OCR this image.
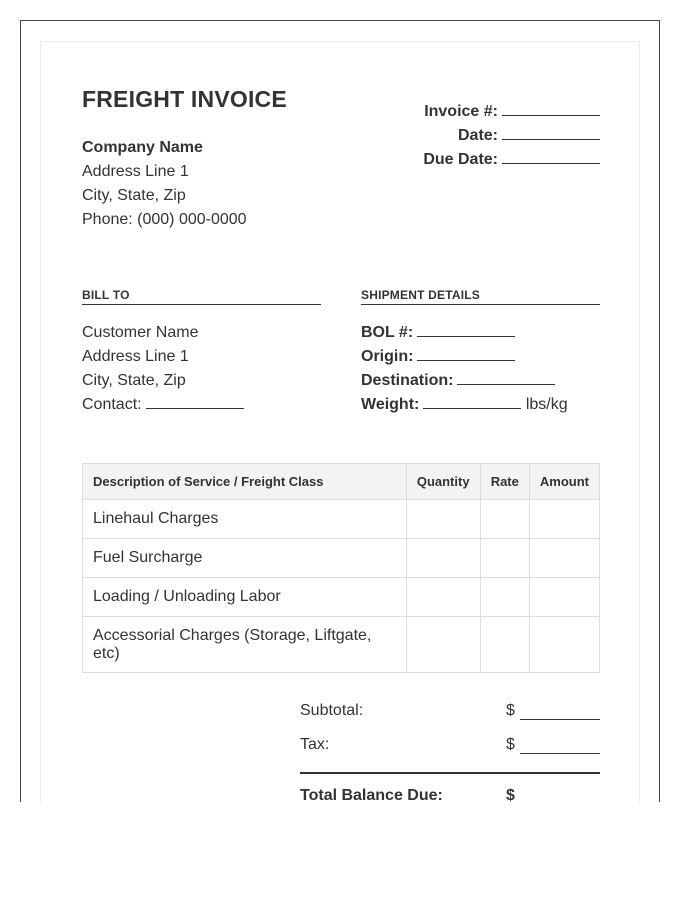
FREIGHT INVOICE
Company Name
Address Line 1
City, State, Zip
Phone: (000) 000-0000
Invoice #:
Date:
Due Date:
BILL TO	SHIPMENT DETAILS
Customer Name
Address Line 1
City, State, Zip
Contact:
BOL #:
Origin:
Destination:
Weight:	lbs/kg
Description of Service / Freight Class	Quantity	Rate	Amount
Linehaul Charges			
Fuel Surcharge			
Loading / Unloading Labor			
Accessorial Charges (Storage, Liftgate, etc)			
Subtotal:	$
Tax:	$
Total Balance Due:	$
